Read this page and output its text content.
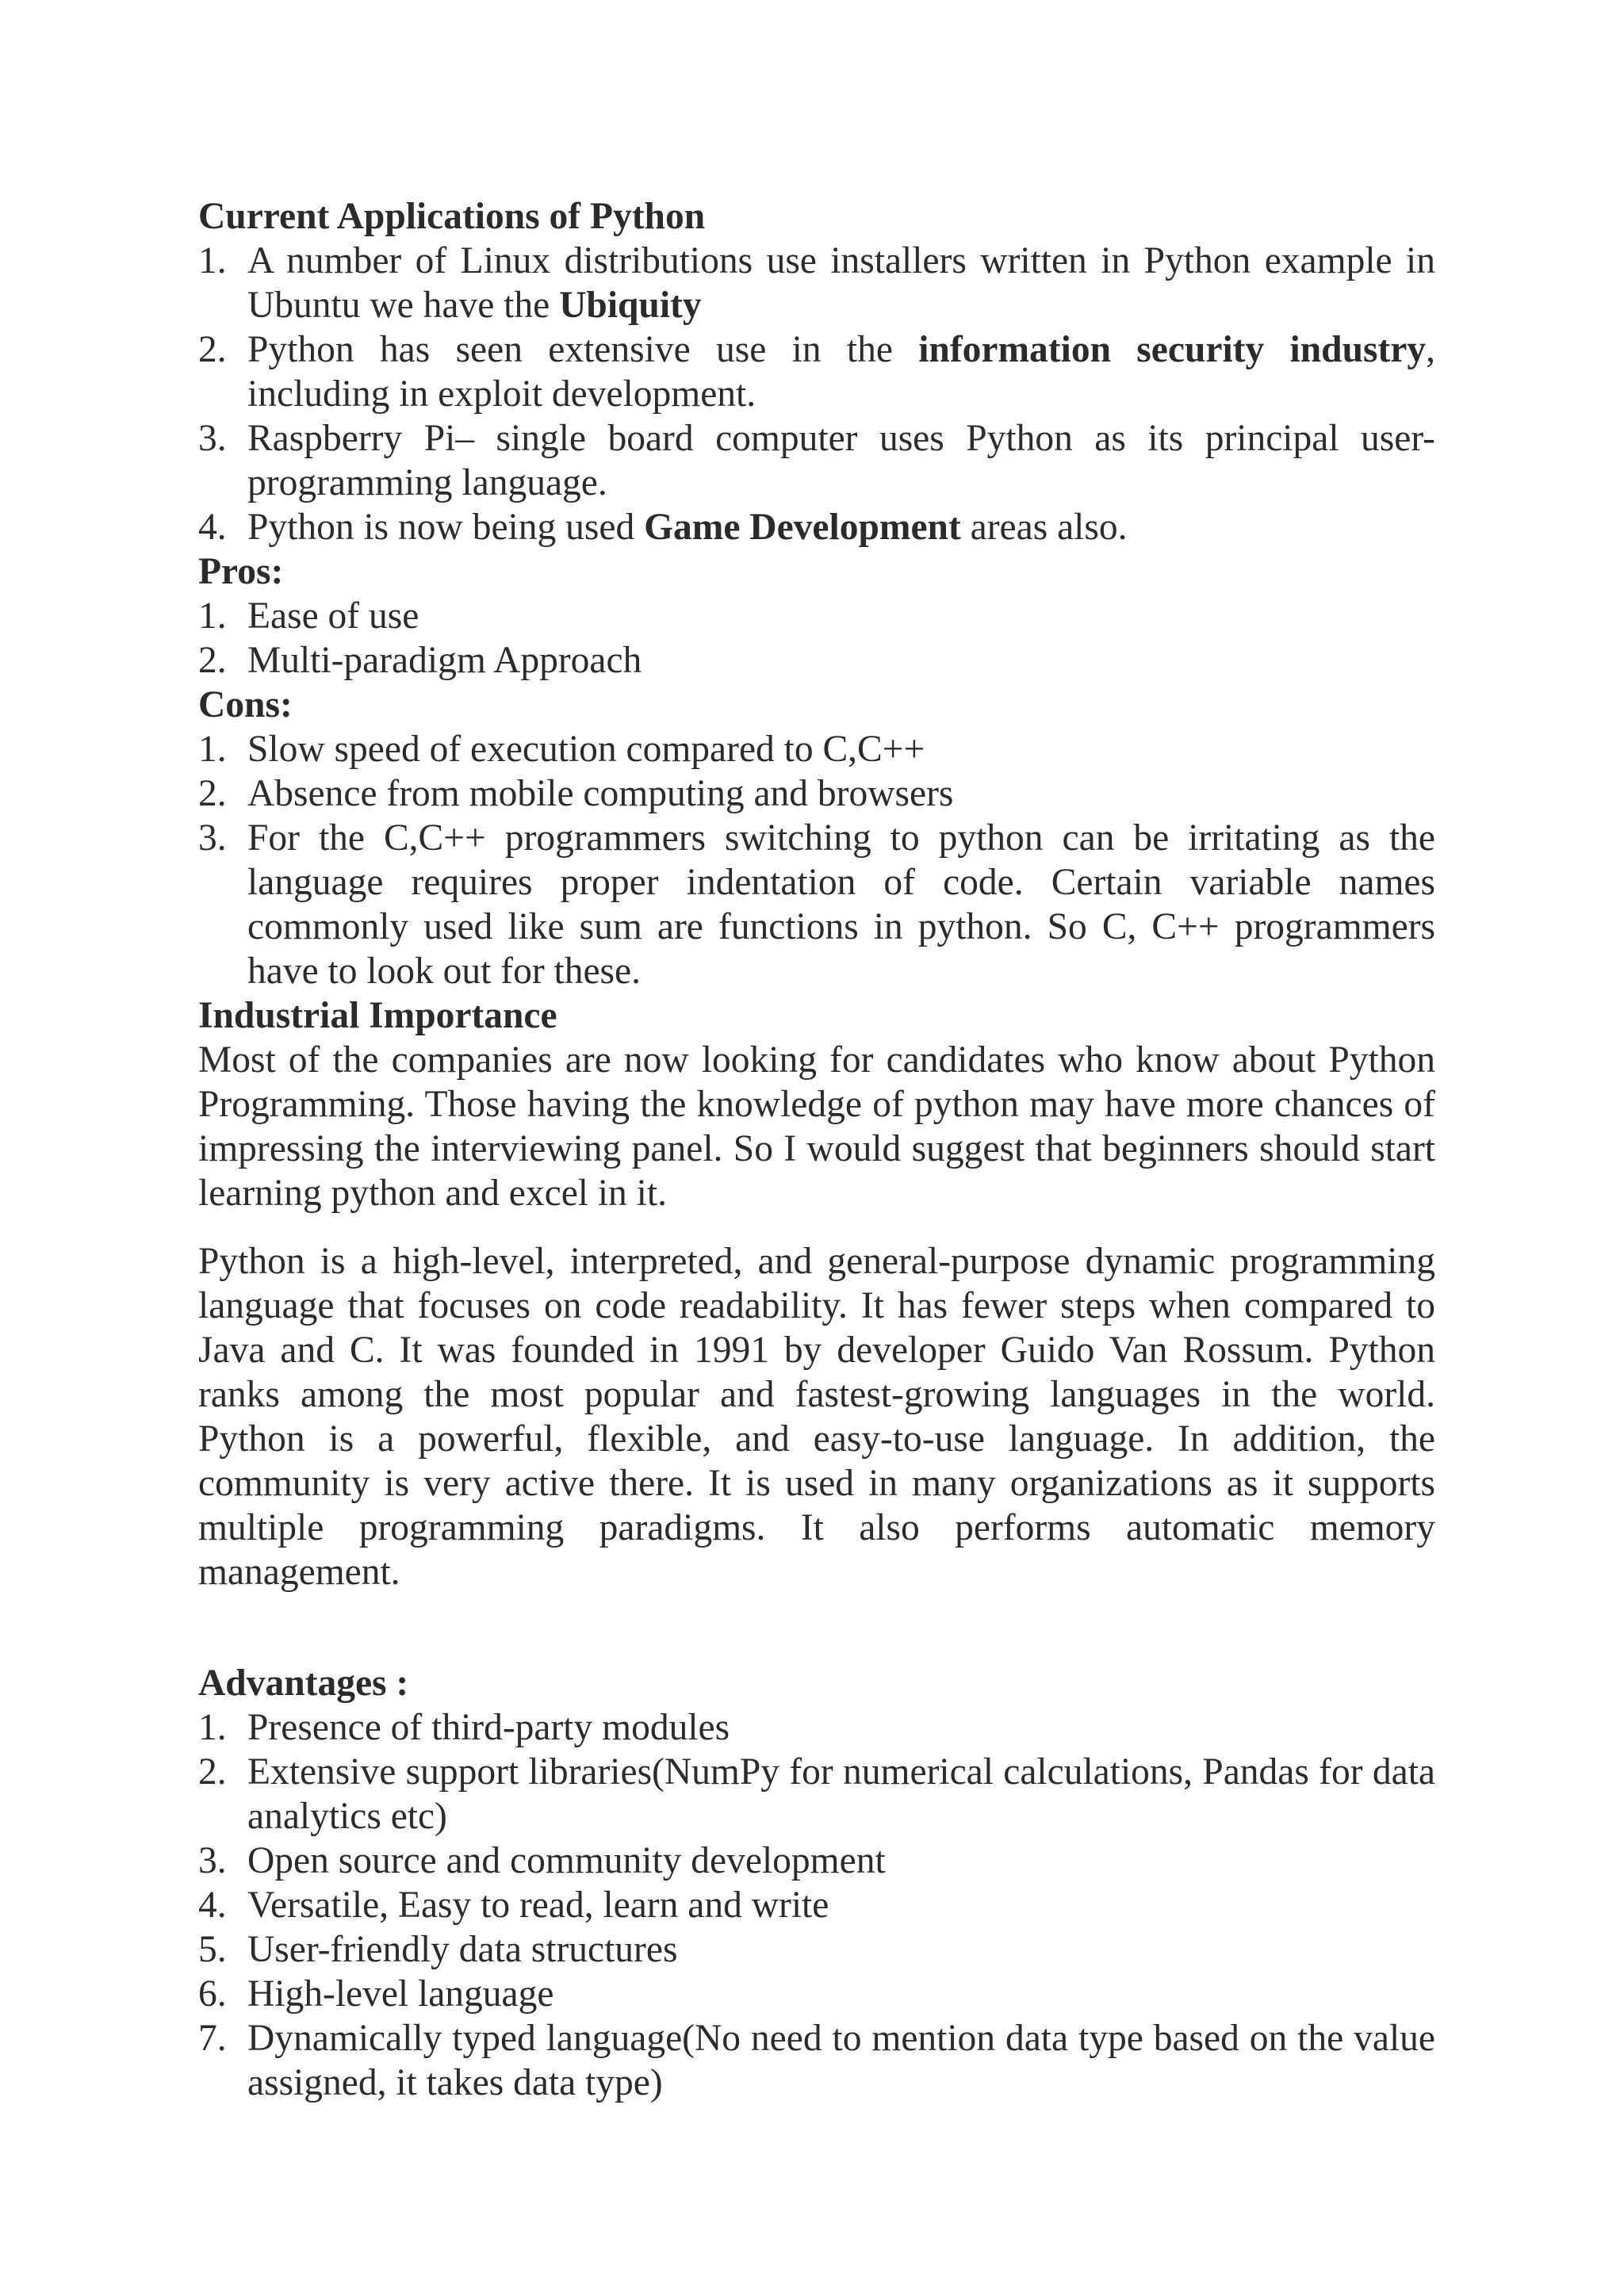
Current Applications of Python
1. A number of Linux distributions use installers written in Python example in Ubuntu we have the Ubiquity
2. Python has seen extensive use in the information security industry, including in exploit development.
3. Raspberry Pi– single board computer uses Python as its principal user-programming language.
4. Python is now being used Game Development areas also.
Pros:
1. Ease of use
2. Multi-paradigm Approach
Cons:
1. Slow speed of execution compared to C,C++
2. Absence from mobile computing and browsers
3. For the C,C++ programmers switching to python can be irritating as the language requires proper indentation of code. Certain variable names commonly used like sum are functions in python. So C, C++ programmers have to look out for these.
Industrial Importance

Most of the companies are now looking for candidates who know about Python Programming. Those having the knowledge of python may have more chances of impressing the interviewing panel. So I would suggest that beginners should start learning python and excel in it.

Python is a high-level, interpreted, and general-purpose dynamic programming language that focuses on code readability. It has fewer steps when compared to Java and C. It was founded in 1991 by developer Guido Van Rossum. Python ranks among the most popular and fastest-growing languages in the world. Python is a powerful, flexible, and easy-to-use language. In addition, the community is very active there. It is used in many organizations as it supports multiple programming paradigms. It also performs automatic memory management.

Advantages :
1. Presence of third-party modules
2. Extensive support libraries(NumPy for numerical calculations, Pandas for data analytics etc)
3. Open source and community development
4. Versatile, Easy to read, learn and write
5. User-friendly data structures
6. High-level language
7. Dynamically typed language(No need to mention data type based on the value assigned, it takes data type)
